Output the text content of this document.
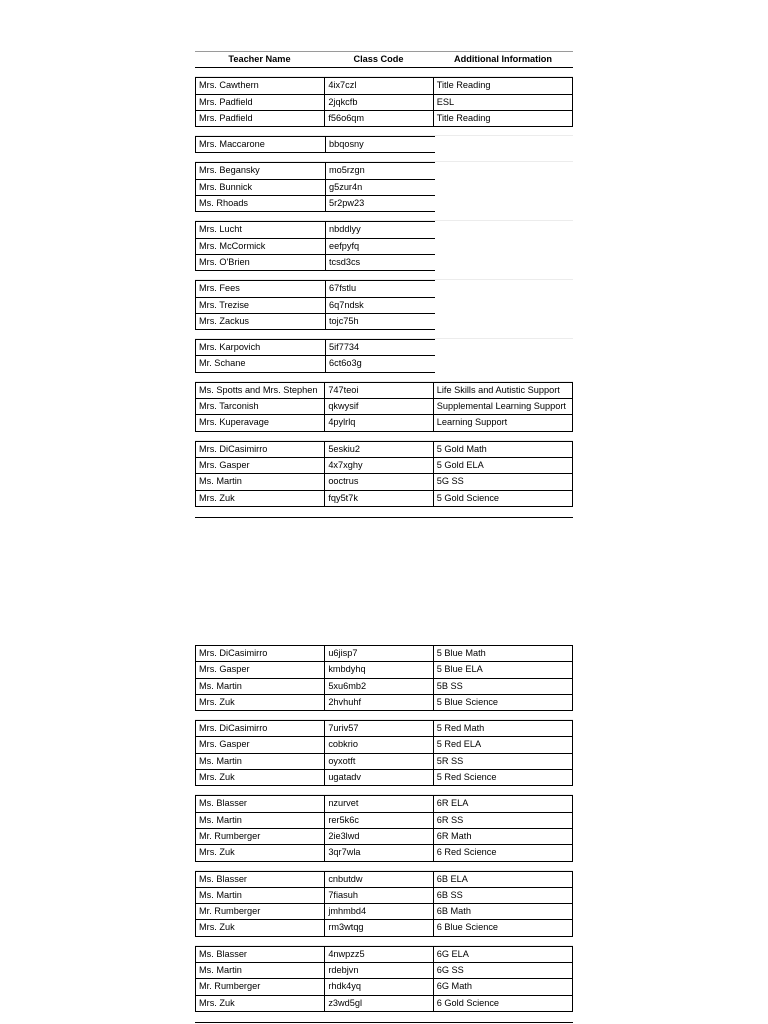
Teacher Name	Class Code	Additional Information
Mrs. Cawthern	4ix7czl	Title Reading
Mrs. Padfield	2jqkcfb	ESL
Mrs. Padfield	f56o6qm	Title Reading
Mrs. Maccarone	bbqosny
Mrs. Begansky	mo5rzgn
Mrs. Bunnick	g5zur4n
Ms. Rhoads	5r2pw23
Mrs. Lucht	nbddlyy
Mrs. McCormick	eefpyfq
Mrs. O'Brien	tcsd3cs
Mrs. Fees	67fstlu
Mrs. Trezise	6q7ndsk
Mrs. Zackus	tojc75h
Mrs. Karpovich	5if7734
Mr. Schane	6ct6o3g
Ms. Spotts and Mrs. Stephen	747teoi	Life Skills and Autistic Support
Mrs. Tarconish	qkwysif	Supplemental Learning Support
Mrs. Kuperavage	4pylrlq	Learning Support
Mrs. DiCasimirro	5eskiu2	5 Gold Math
Mrs. Gasper	4x7xghy	5 Gold ELA
Ms. Martin	ooctrus	5G SS
Mrs. Zuk	fqy5t7k	5 Gold Science
Mrs. DiCasimirro	u6jisp7	5 Blue Math
Mrs. Gasper	kmbdyhq	5 Blue ELA
Ms. Martin	5xu6mb2	5B SS
Mrs. Zuk	2hvhuhf	5 Blue Science
Mrs. DiCasimirro	7uriv57	5 Red Math
Mrs. Gasper	cobkrio	5 Red ELA
Ms. Martin	oyxotft	5R SS
Mrs. Zuk	ugatadv	5 Red Science
Ms. Blasser	nzurvet	6R ELA
Ms. Martin	rer5k6c	6R SS
Mr. Rumberger	2ie3lwd	6R Math
Mrs. Zuk	3qr7wla	6 Red Science
Ms. Blasser	cnbutdw	6B ELA
Ms. Martin	7fiasuh	6B SS
Mr. Rumberger	jmhmbd4	6B Math
Mrs. Zuk	rm3wtqg	6 Blue Science
Ms. Blasser	4nwpzz5	6G ELA
Ms. Martin	rdebjvn	6G SS
Mr. Rumberger	rhdk4yq	6G Math
Mrs. Zuk	z3wd5gl	6 Gold Science
